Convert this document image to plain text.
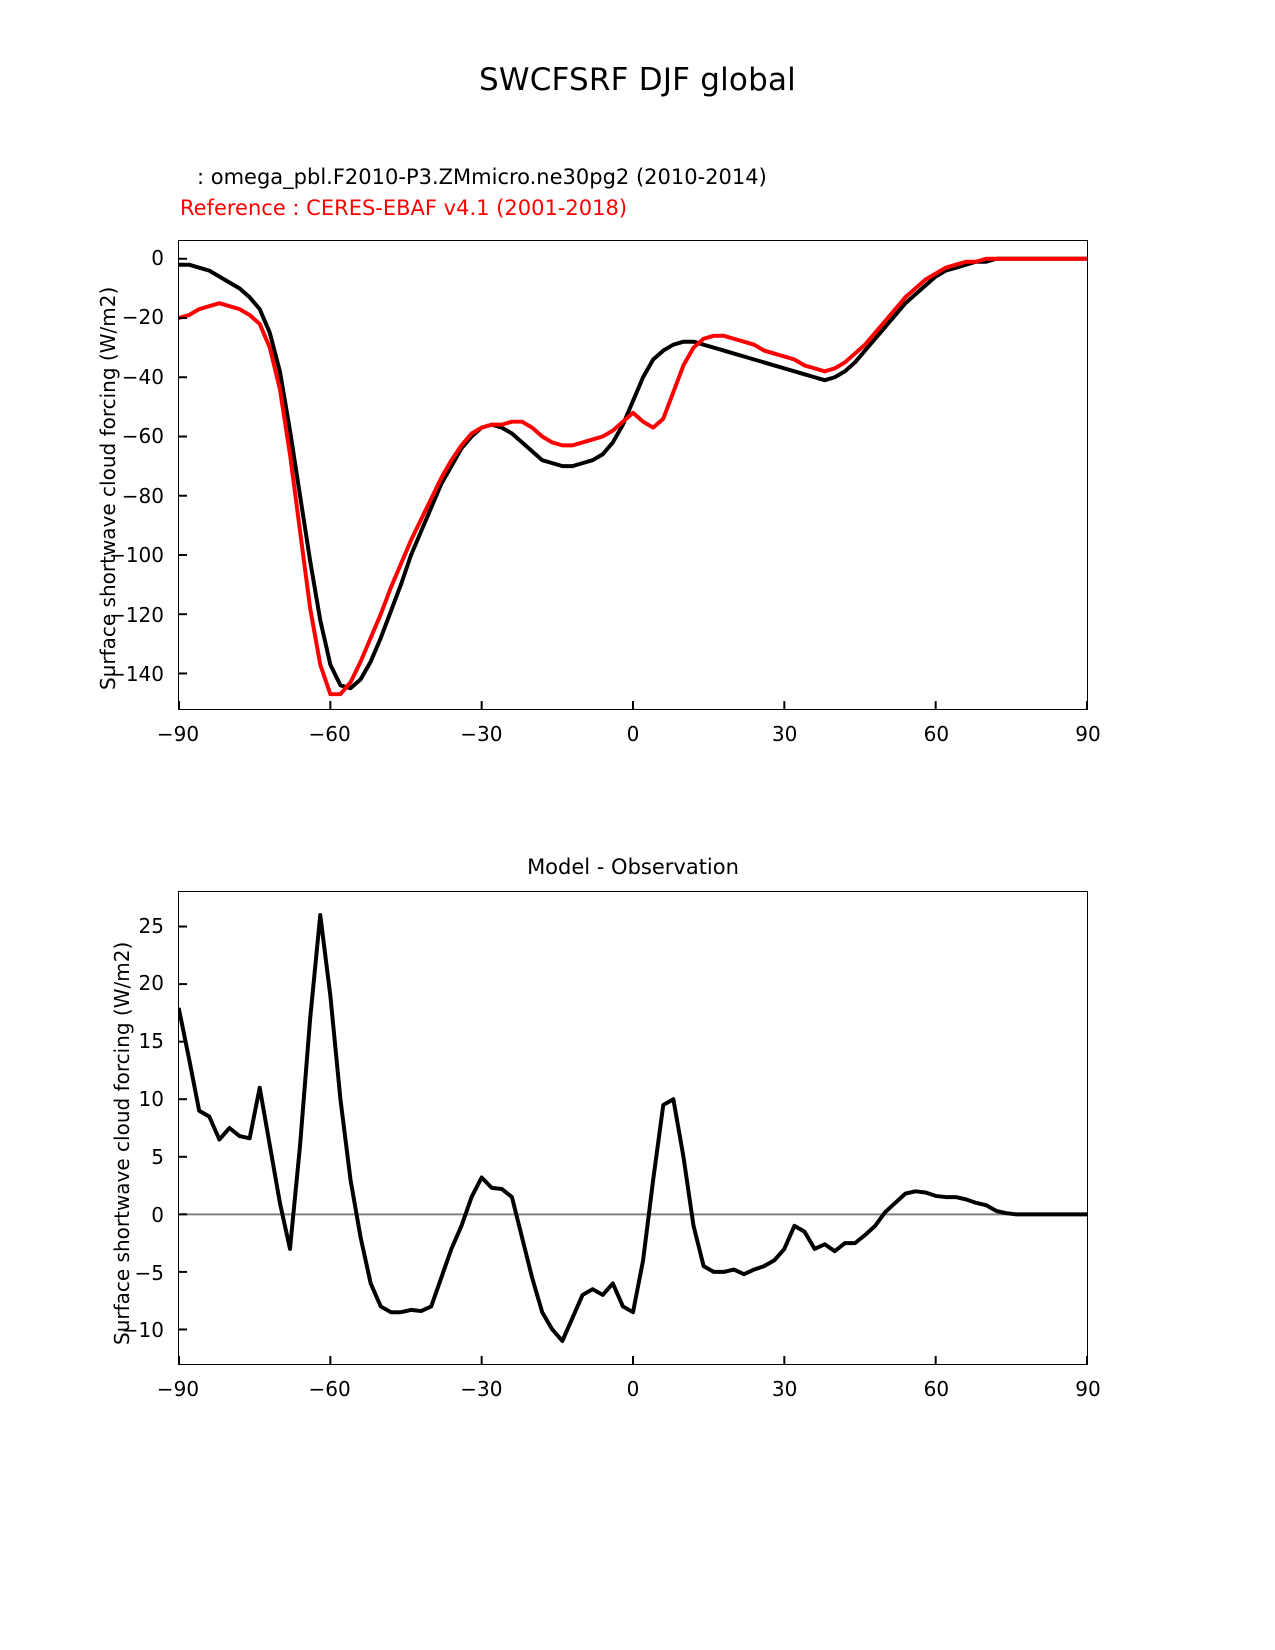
SWCFSRF DJF global
: omega_pbl.F2010-P3.ZMmicro.ne30pg2 (2010-2014)
Reference : CERES-EBAF v4.1 (2001-2018)
Surface shortwave cloud forcing (W/m2)
0
−20
−40
−60
−80
−100
−120
−140
−90	−60	−30	0	30	60	90
Model - Observation
Surface shortwave cloud forcing (W/m2)
25
20
15
10
5
0
−5
−10
−90	−60	−30	0	30	60	90
